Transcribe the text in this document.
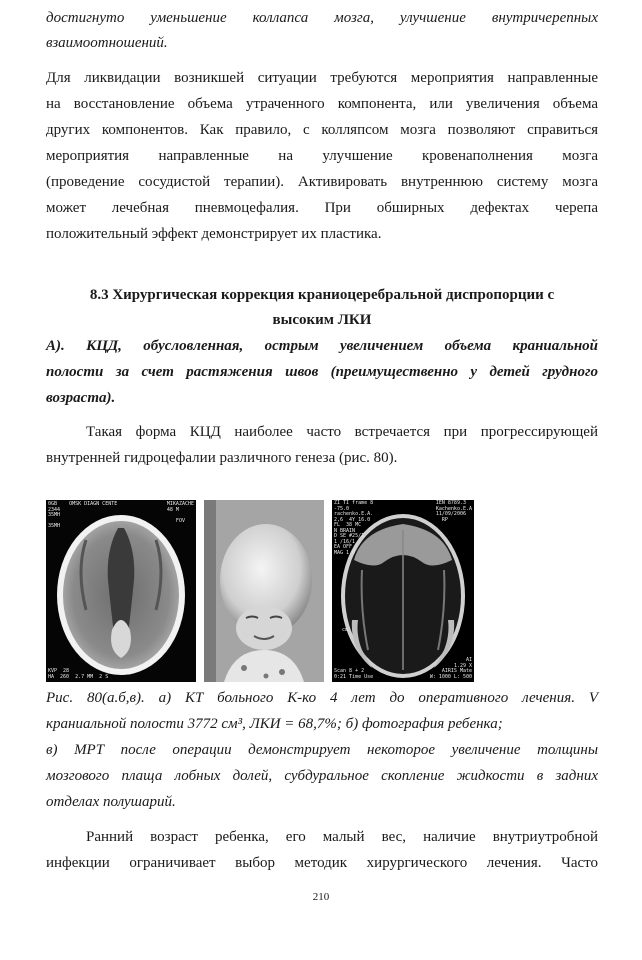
достигнуто уменьшение коллапса мозга, улучшение внутричерепных
взаимоотношений.
Для ликвидации возникшей ситуации требуются мероприятия направленные
на восстановление объема утраченного компонента, или увеличения объема
других компонентов. Как правило, с колляпсом мозга позволяют справиться
мероприятия направленные на улучшение кровенаполнения мозга
(проведение сосудистой терапии). Активировать внутреннюю систему мозга
может лечебная пневмоцефалия. При обширных дефектах черепа
положительный эффект демонстрирует их пластика.
8.3 Хирургическая коррекция краниоцеребральной диспропорции с
высоким ЛКИ
А). КЦД, обусловленная, острым увеличением объема краниальной
полости за счет растяжения швов (преимущественно у детей грудного
возраста).
Такая форма КЦД наиболее часто встречается при прогрессирующей
внутренней гидроцефалии различного генеза (рис. 80).
0GB    OMSK DIAGN CENTE
2344
35MH

35MH
MIKAZACHE
48 M

FOV

KVP  28
HA  260  2.7 MM  2 S
ZI TI frame 8
-75.0
rachenko.E.A.
2,6  4Y 16.0
FL  38 MC
N BRAIN
D SE #25/1
1 /16/1
EA OFF
MAG 1.0
IEN 8789.3
Kachenko.E.A
11/09/2006
RP
cm
Scan 8 + 2
0:21 Time Use
AI
1.29 X
AIRIS Mate
W: 1000 L: 500
Рис. 80(а.б,в). а) КТ больного К-ко 4 лет до оперативного лечения. V
краниальной полости 3772 см³, ЛКИ = 68,7%; б) фотография ребенка;
в) МРТ после операции демонстрирует некоторое увеличение толщины
мозгового плаща лобных долей, субдуральное скопление жидкости в задних
отделах полушарий.
Ранний возраст ребенка, его малый вес, наличие внутриутробной
инфекции ограничивает выбор методик хирургического лечения. Часто
210
